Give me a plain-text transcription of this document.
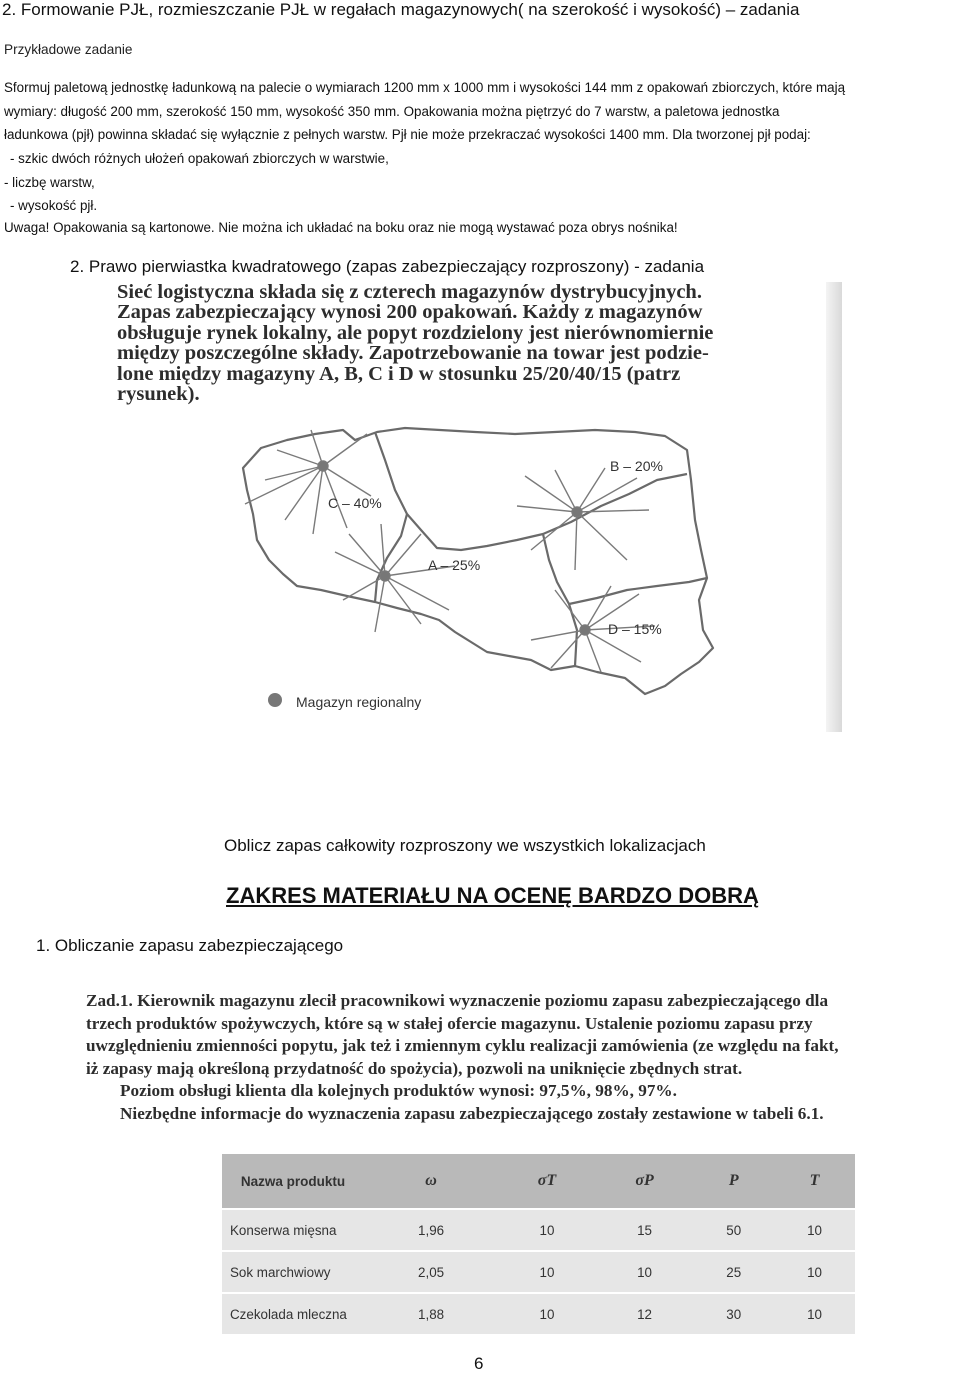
2. Formowanie PJŁ, rozmieszczanie PJŁ w regałach magazynowych( na szerokość i wysokość) – zadania
Przykładowe zadanie
Sformuj paletową jednostkę ładunkową na palecie o wymiarach 1200 mm x 1000 mm i wysokości 144 mm z opakowań zbiorczych, które mają
wymiary: długość 200 mm, szerokość 150 mm, wysokość 350 mm. Opakowania można piętrzyć do 7 warstw, a paletowa jednostka
ładunkowa (pjł) powinna składać się wyłącznie z pełnych warstw. Pjł nie może przekraczać wysokości 1400 mm. Dla tworzonej pjł podaj:
- szkic dwóch różnych ułożeń opakowań zbiorczych w warstwie,
- liczbę warstw,
- wysokość pjł.
Uwaga! Opakowania są kartonowe. Nie można ich układać na boku oraz nie mogą wystawać poza obrys nośnika!
2. Prawo pierwiastka kwadratowego (zapas zabezpieczający rozproszony) - zadania
Sieć logistyczna składa się z czterech magazynów dystrybucyjnych.
Zapas zabezpieczający wynosi 200 opakowań. Każdy z magazynów
obsługuje rynek lokalny, ale popyt rozdzielony jest nierównomiernie
między poszczególne składy. Zapotrzebowanie na towar jest podzie-
lone między magazyny A, B, C i D w stosunku 25/20/40/15 (patrz
rysunek).
B – 20%
C – 40%
A – 25%
D – 15%
Magazyn regionalny
Oblicz zapas całkowity rozproszony we wszystkich lokalizacjach
ZAKRES MATERIAŁU NA OCENĘ BARDZO DOBRĄ
1. Obliczanie zapasu zabezpieczającego
Zad.1. Kierownik magazynu zlecił pracownikowi wyznaczenie poziomu zapasu zabezpieczającego dla
trzech produktów spożywczych, które są w stałej ofercie magazynu. Ustalenie poziomu zapasu przy
uwzględnieniu zmienności popytu, jak też i zmiennym cyklu realizacji zamówienia (ze względu na fakt,
iż zapasy mają określoną przydatność do spożycia), pozwoli na uniknięcie zbędnych strat.
Poziom obsługi klienta dla kolejnych produktów wynosi: 97,5%, 98%, 97%.
Niezbędne informacje do wyznaczenia zapasu zabezpieczającego zostały zestawione w tabeli 6.1.
Nazwa produktu	ω	σT	σP	P	T
Konserwa mięsna	1,96	10	15	50	10
Sok marchwiowy	2,05	10	10	25	10
Czekolada mleczna	1,88	10	12	30	10
6
